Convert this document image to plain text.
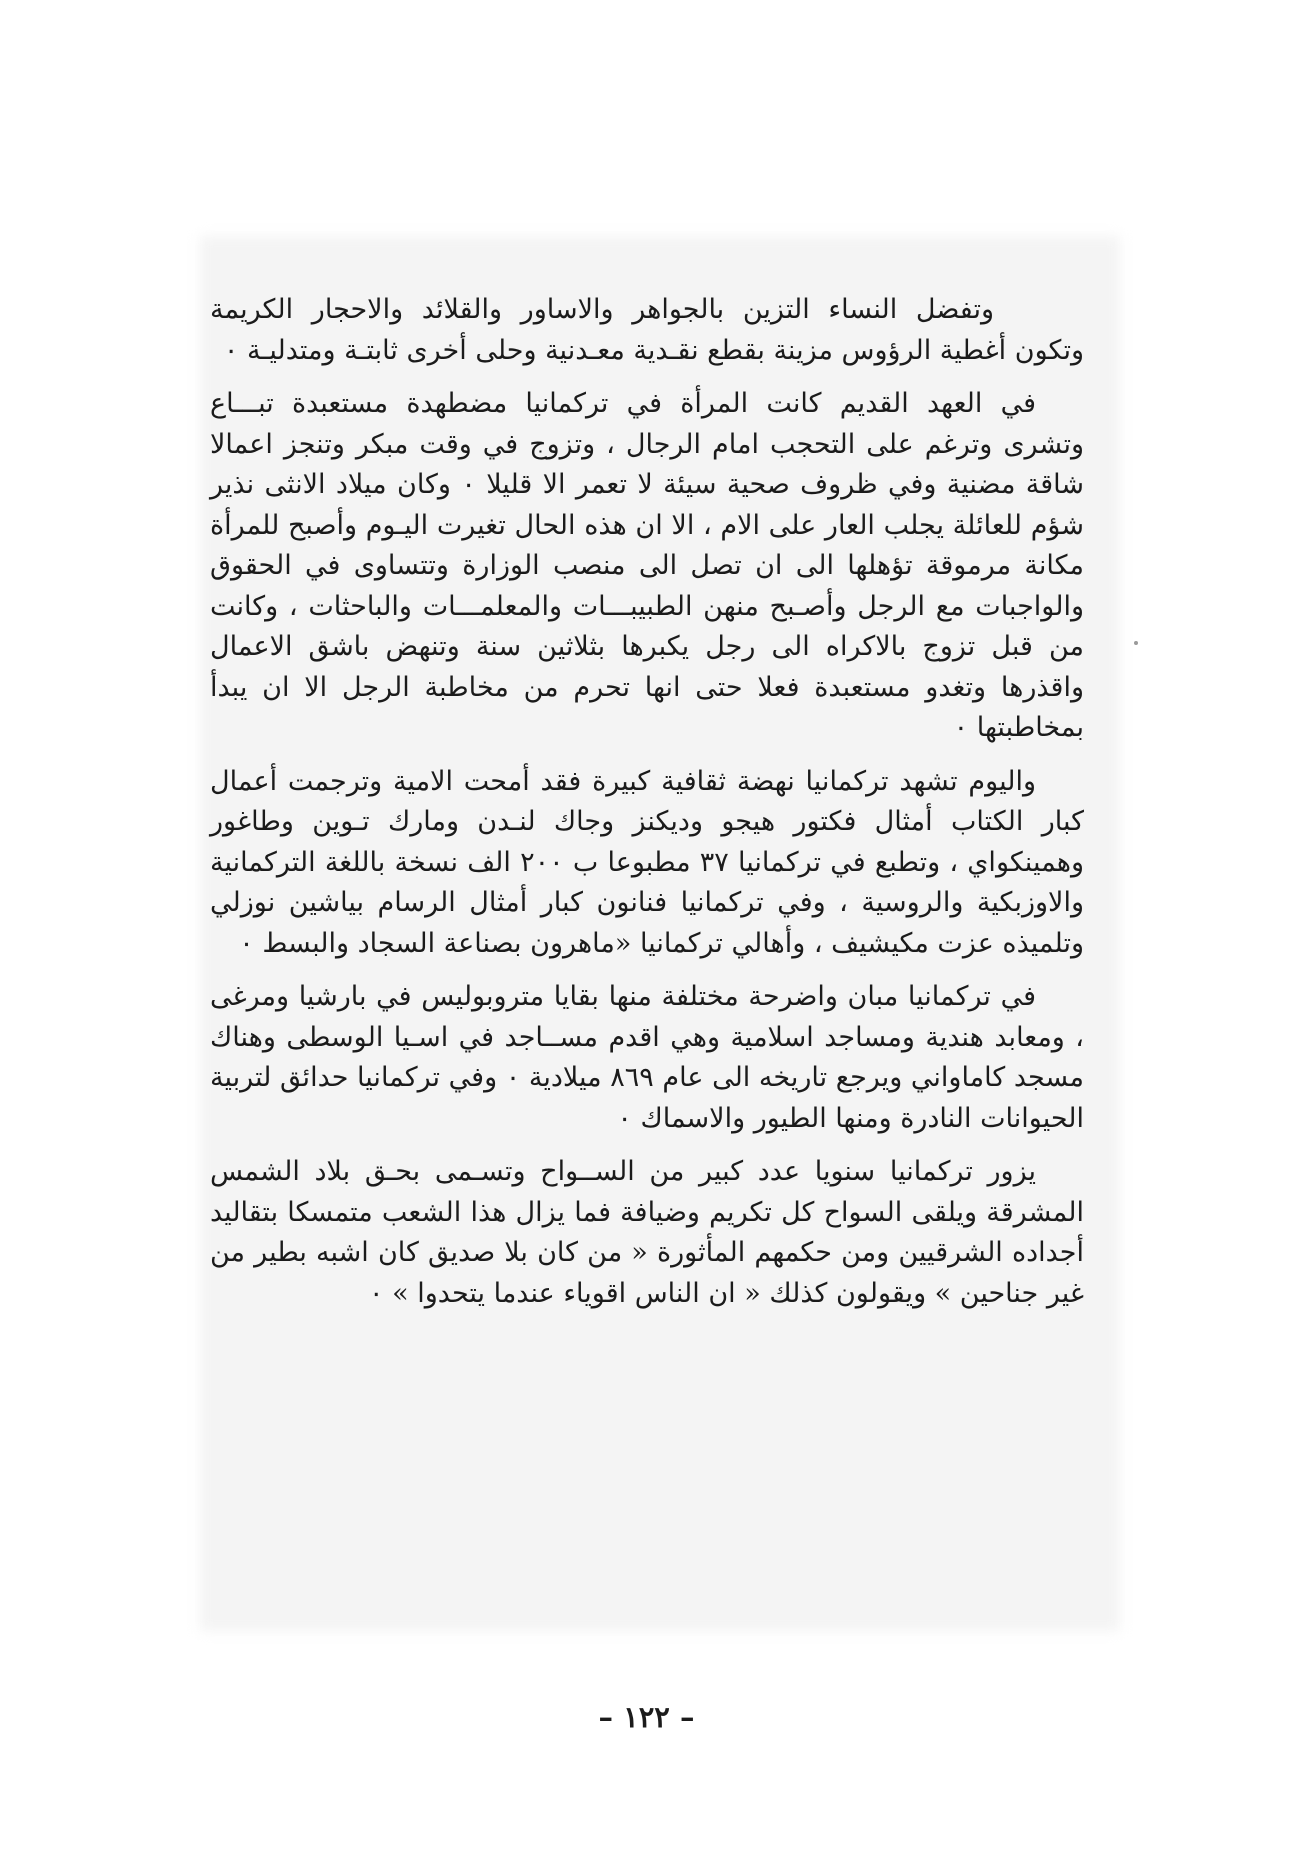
وتفضل النساء التزين بالجواهر والاساور والقلائد والاحجار الكريمة وتكون أغطية الرؤوس مزينة بقطع نقـدية معـدنية وحلى أخرى ثابتـة ومتدليـة ٠

في العهد القديم كانت المرأة في تركمانيا مضطهدة مستعبدة تبـــاع وتشرى وترغم على التحجب امام الرجال ، وتزوج في وقت مبكر وتنجز اعمالا شاقة مضنية وفي ظروف صحية سيئة لا تعمر الا قليلا ٠ وكان ميلاد الانثى نذير شؤم للعائلة يجلب العار على الام ، الا ان هذه الحال تغيرت اليـوم وأصبح للمرأة مكانة مرموقة تؤهلها الى ان تصل الى منصب الوزارة وتتساوى في الحقوق والواجبات مع الرجل وأصـبح منهن الطبيبـــات والمعلمـــات والباحثات ، وكانت من قبل تزوج بالاكراه الى رجل يكبرها بثلاثين سنة وتنهض باشق الاعمال واقذرها وتغدو مستعبدة فعلا حتى انها تحرم من مخاطبة الرجل الا ان يبدأ بمخاطبتها ٠

واليوم تشهد تركمانيا نهضة ثقافية كبيرة فقد أمحت الامية وترجمت أعمال كبار الكتاب أمثال فكتور هيجو وديكنز وجاك لنـدن ومارك تـوين وطاغور وهمينكواي ، وتطبع في تركمانيا ٣٧ مطبوعا ب ٢٠٠ الف نسخة باللغة التركمانية والاوزبكية والروسية ، وفي تركمانيا فنانون كبار أمثال الرسام بياشين نوزلي وتلميذه عزت مكيشيف ، وأهالي تركمانيا «ماهرون بصناعة السجاد والبسط ٠

في تركمانيا مبان واضرحة مختلفة منها بقايا متروبوليس في بارشيا ومرغى ، ومعابد هندية ومساجد اسلامية وهي اقدم مســاجد في اسـيا الوسطى وهناك مسجد كاماواني ويرجع تاريخه الى عام ٨٦٩ ميلادية ٠ وفي تركمانيا حدائق لتربية الحيوانات النادرة ومنها الطيور والاسماك ٠

يزور تركمانيا سنويا عدد كبير من الســواح وتسـمى بحـق بلاد الشمس المشرقة ويلقى السواح كل تكريم وضيافة فما يزال هذا الشعب متمسكا بتقاليد أجداده الشرقيين ومن حكمهم المأثورة « من كان بلا صديق كان اشبه بطير من غير جناحين » ويقولون كذلك « ان الناس اقوياء عندما يتحدوا » ٠

– ١٢٢ –
